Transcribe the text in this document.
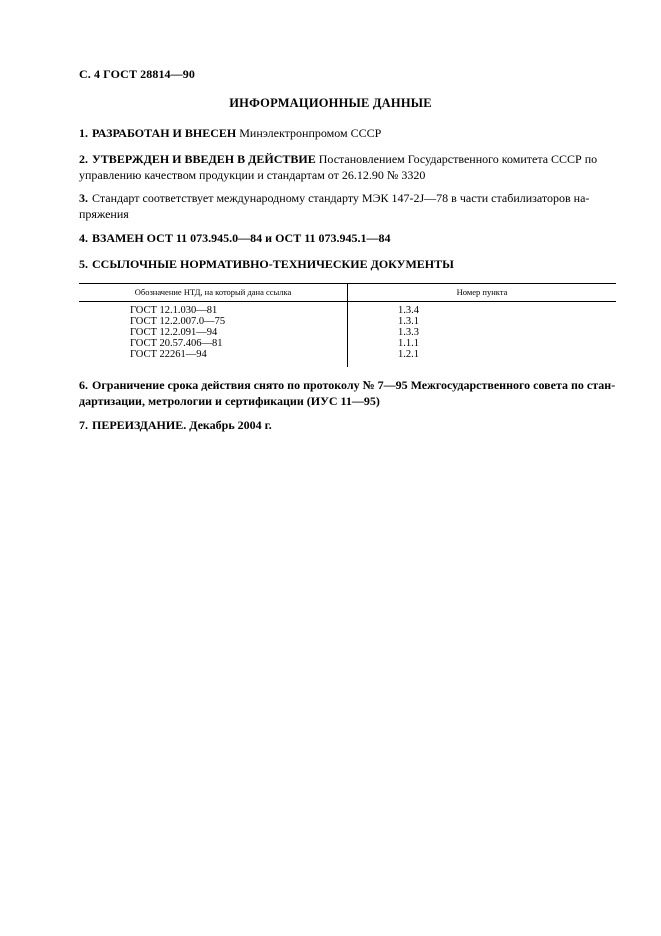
С. 4 ГОСТ 28814—90
ИНФОРМАЦИОННЫЕ ДАННЫЕ
1. РАЗРАБОТАН И ВНЕСЕН Минэлектронпромом СССР
2. УТВЕРЖДЕН И ВВЕДЕН В ДЕЙСТВИЕ Постановлением Государственного комитета СССР по управлению качеством продукции и стандартам от 26.12.90 № 3320
3. Стандарт соответствует международному стандарту МЭК 147-2J—78 в части стабилизаторов на-пряжения
4. ВЗАМЕН ОСТ 11 073.945.0—84 и ОСТ 11 073.945.1—84
5. ССЫЛОЧНЫЕ НОРМАТИВНО-ТЕХНИЧЕСКИЕ ДОКУМЕНТЫ
Обозначение НТД, на который дана ссылка	Номер пункта
ГОСТ 12.1.030—81	1.3.4
ГОСТ 12.2.007.0—75	1.3.1
ГОСТ 12.2.091—94	1.3.3
ГОСТ 20.57.406—81	1.1.1
ГОСТ 22261—94	1.2.1
6. Ограничение срока действия снято по протоколу № 7—95 Межгосударственного совета по стан-дартизации, метрологии и сертификации (ИУС 11—95)
7. ПЕРЕИЗДАНИЕ. Декабрь 2004 г.
